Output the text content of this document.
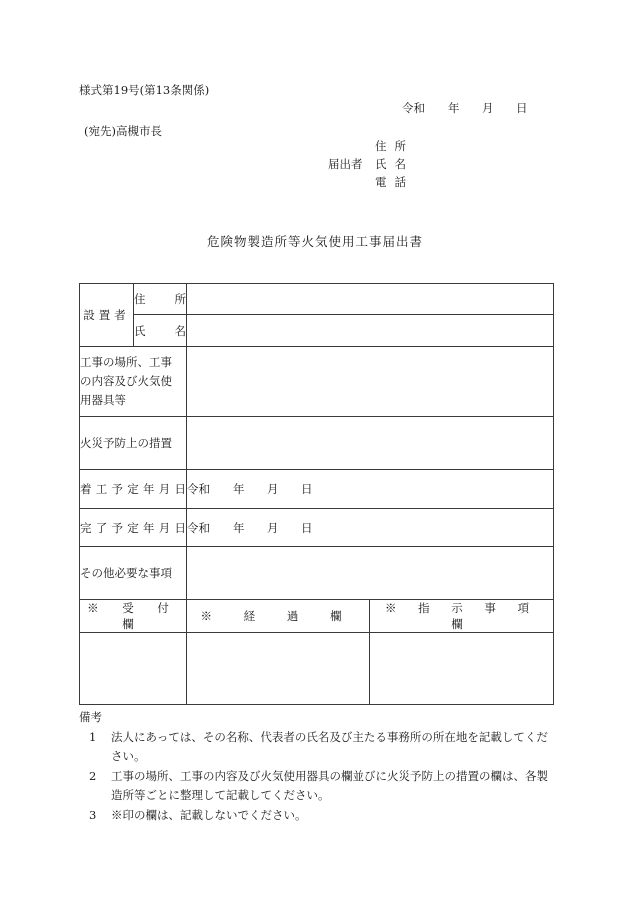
様式第19号(第13条関係)
令和 年 月 日
(宛先)高槻市長
住所
届出者 氏名
電話
危険物製造所等火気使用工事届出書
設置者	住所		
	氏名		

工事の場所、工事の内容及び火気使用器具等			

火災予防上の措置			
着工予定年月日		令和 年 月 日	
完了予定年月日		令和 年 月 日	
その他必要な事項			
※ 受 付 欄		※ 経 過 欄	※ 指 示 事 項 欄

備考
1	法人にあっては、その名称、代表者の氏名及び主たる事務所の所在地を記載してください。
2	工事の場所、工事の内容及び火気使用器具の欄並びに火災予防上の措置の欄は、各製造所等ごとに整理して記載してください。
3	※印の欄は、記載しないでください。
